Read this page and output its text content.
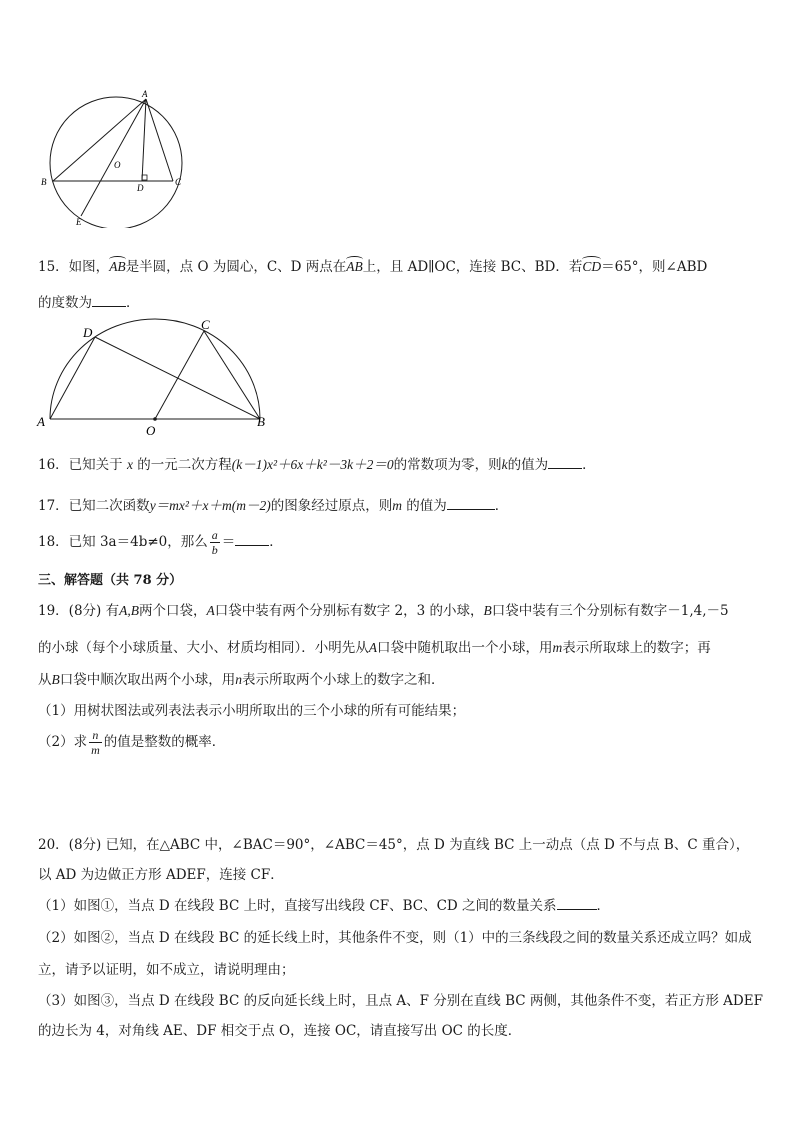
A
B	C
D
E
O
15．如图，AB是半圆，点 O 为圆心，C、D 两点在AB上，且 AD∥OC，连接 BC、BD．若CD＝65°，则∠ABD
的度数为	．
A	B
C
D
O
16．已知关于 x 的一元二次方程(k－1)x²＋6x＋k²－3k＋2＝0的常数项为零，则k的值为	．
17．已知二次函数y＝mx²＋x＋m(m－2)的图象经过原点，则m 的值为	．
18．已知 3a＝4b≠0，那么 $\frac{a}{b}$ ＝	．
三、解答题（共 78 分）
19．(8分) 有A,B两个口袋，A口袋中装有两个分别标有数字 2，3 的小球，B口袋中装有三个分别标有数字－1,4,－5
的小球（每个小球质量、大小、材质均相同）．小明先从A口袋中随机取出一个小球，用m表示所取球上的数字；再
从B口袋中顺次取出两个小球，用n表示所取两个小球上的数字之和．
（1）用树状图法或列表法表示小明所取出的三个小球的所有可能结果；
（2）求 $\frac{n}{m}$ 的值是整数的概率．
20．(8分) 已知，在△ABC 中，∠BAC＝90°，∠ABC＝45°，点 D 为直线 BC 上一动点（点 D 不与点 B、C 重合），
以 AD 为边做正方形 ADEF，连接 CF．
（1）如图①，当点 D 在线段 BC 上时，直接写出线段 CF、BC、CD 之间的数量关系	．
（2）如图②，当点 D 在线段 BC 的延长线上时，其他条件不变，则（1）中的三条线段之间的数量关系还成立吗？如成
立，请予以证明，如不成立，请说明理由；
（3）如图③，当点 D 在线段 BC 的反向延长线上时，且点 A、F 分别在直线 BC 两侧，其他条件不变，若正方形 ADEF
的边长为 4，对角线 AE、DF 相交于点 O，连接 OC，请直接写出 OC 的长度．
